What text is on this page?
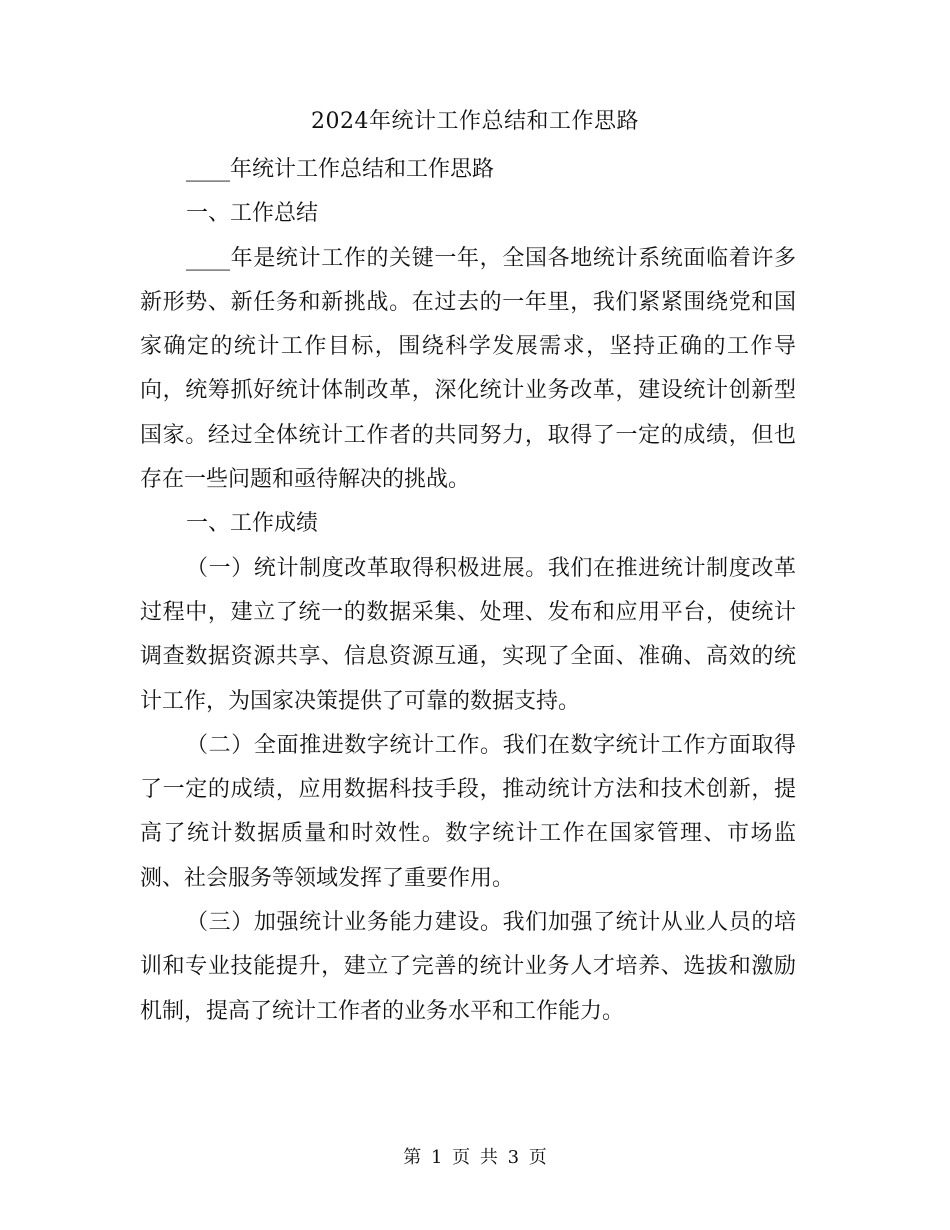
2024年统计工作总结和工作思路

____年统计工作总结和工作思路

一、工作总结

____年是统计工作的关键一年，全国各地统计系统面临着许多新形势、新任务和新挑战。在过去的一年里，我们紧紧围绕党和国家确定的统计工作目标，围绕科学发展需求，坚持正确的工作导向，统筹抓好统计体制改革，深化统计业务改革，建设统计创新型国家。经过全体统计工作者的共同努力，取得了一定的成绩，但也存在一些问题和亟待解决的挑战。

一、工作成绩

（一）统计制度改革取得积极进展。我们在推进统计制度改革过程中，建立了统一的数据采集、处理、发布和应用平台，使统计调查数据资源共享、信息资源互通，实现了全面、准确、高效的统计工作，为国家决策提供了可靠的数据支持。

（二）全面推进数字统计工作。我们在数字统计工作方面取得了一定的成绩，应用数据科技手段，推动统计方法和技术创新，提高了统计数据质量和时效性。数字统计工作在国家管理、市场监测、社会服务等领域发挥了重要作用。

（三）加强统计业务能力建设。我们加强了统计从业人员的培训和专业技能提升，建立了完善的统计业务人才培养、选拔和激励机制，提高了统计工作者的业务水平和工作能力。

第 1 页 共 3 页
